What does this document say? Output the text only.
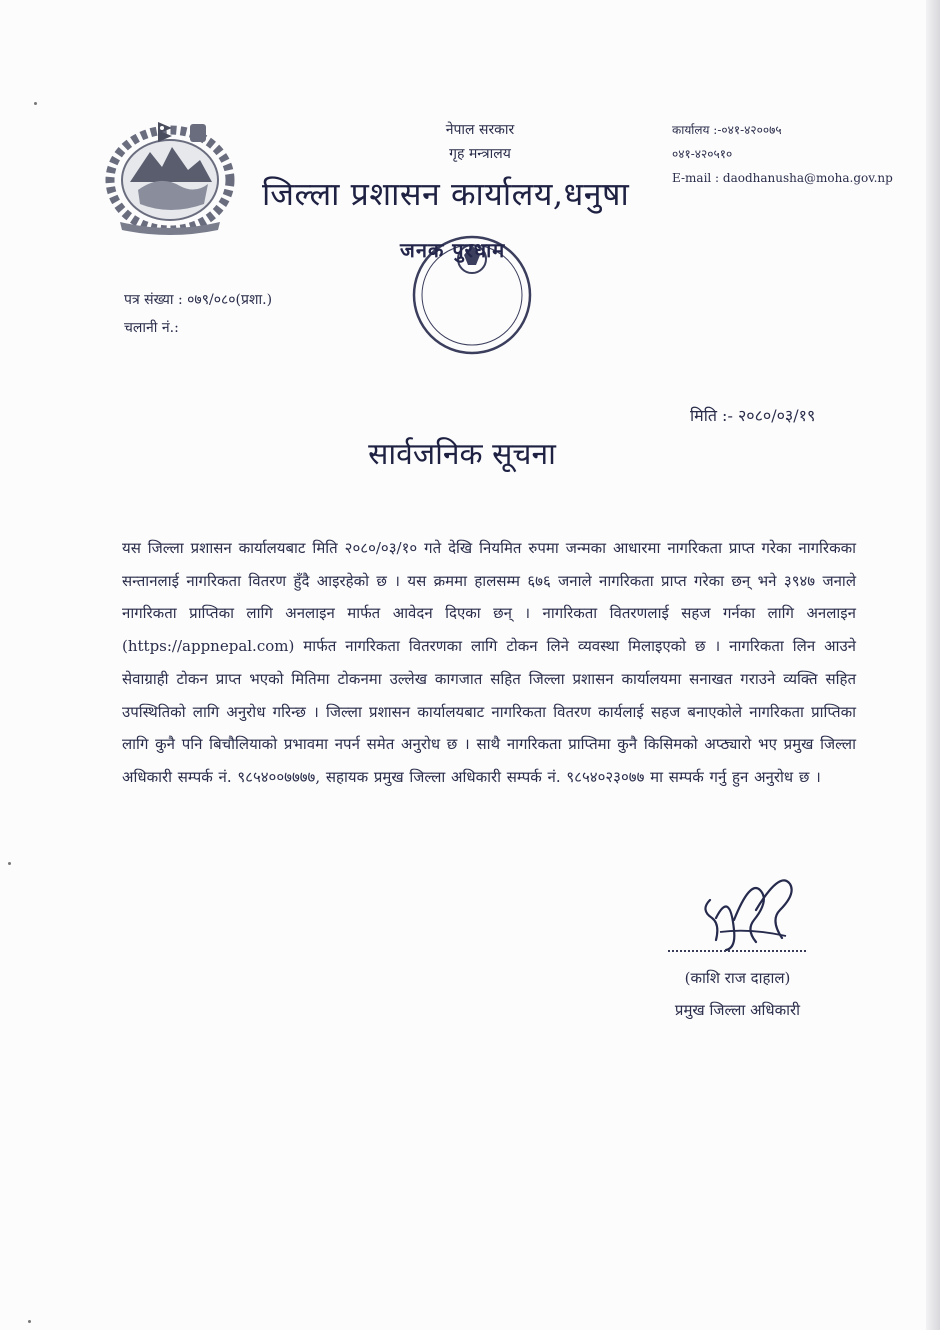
नेपाल सरकार
गृह मन्त्रालय
जिल्ला प्रशासन कार्यालय,धनुषा
कार्यालय :-०४१-४२००७५
०४१-४२०५१०
E-mail : daodhanusha@moha.gov.np
जनक पुरधाम
पत्र संख्या : ०७९/०८०(प्रशा.)
चलानी नं.:
मिति :- २०८०/०३/१९
सार्वजनिक सूचना
यस जिल्ला प्रशासन कार्यालयबाट मिति २०८०/०३/१० गते देखि नियमित रुपमा जन्मका आधारमा नागरिकता प्राप्त गरेका नागरिकका सन्तानलाई नागरिकता वितरण हुँदै आइरहेको छ । यस क्रममा हालसम्म ६७६ जनाले नागरिकता प्राप्त गरेका छन् भने ३९४७ जनाले नागरिकता प्राप्तिका लागि अनलाइन मार्फत आवेदन दिएका छन् । नागरिकता वितरणलाई सहज गर्नका लागि अनलाइन (https://appnepal.com) मार्फत नागरिकता वितरणका लागि टोकन लिने व्यवस्था मिलाइएको छ । नागरिकता लिन आउने सेवाग्राही टोकन प्राप्त भएको मितिमा टोकनमा उल्लेख कागजात सहित जिल्ला प्रशासन कार्यालयमा सनाखत गराउने व्यक्ति सहित उपस्थितिको लागि अनुरोध गरिन्छ । जिल्ला प्रशासन कार्यालयबाट नागरिकता वितरण कार्यलाई सहज बनाएकोले नागरिकता प्राप्तिका लागि कुनै पनि बिचौलियाको प्रभावमा नपर्न समेत अनुरोध छ । साथै नागरिकता प्राप्तिमा कुनै किसिमको अप्ठ्यारो भए प्रमुख जिल्ला अधिकारी सम्पर्क नं. ९८५४००७७७७, सहायक प्रमुख जिल्ला अधिकारी सम्पर्क नं. ९८५४०२३०७७ मा सम्पर्क गर्नु हुन अनुरोध छ ।
(काशि राज दाहाल)
प्रमुख जिल्ला अधिकारी
